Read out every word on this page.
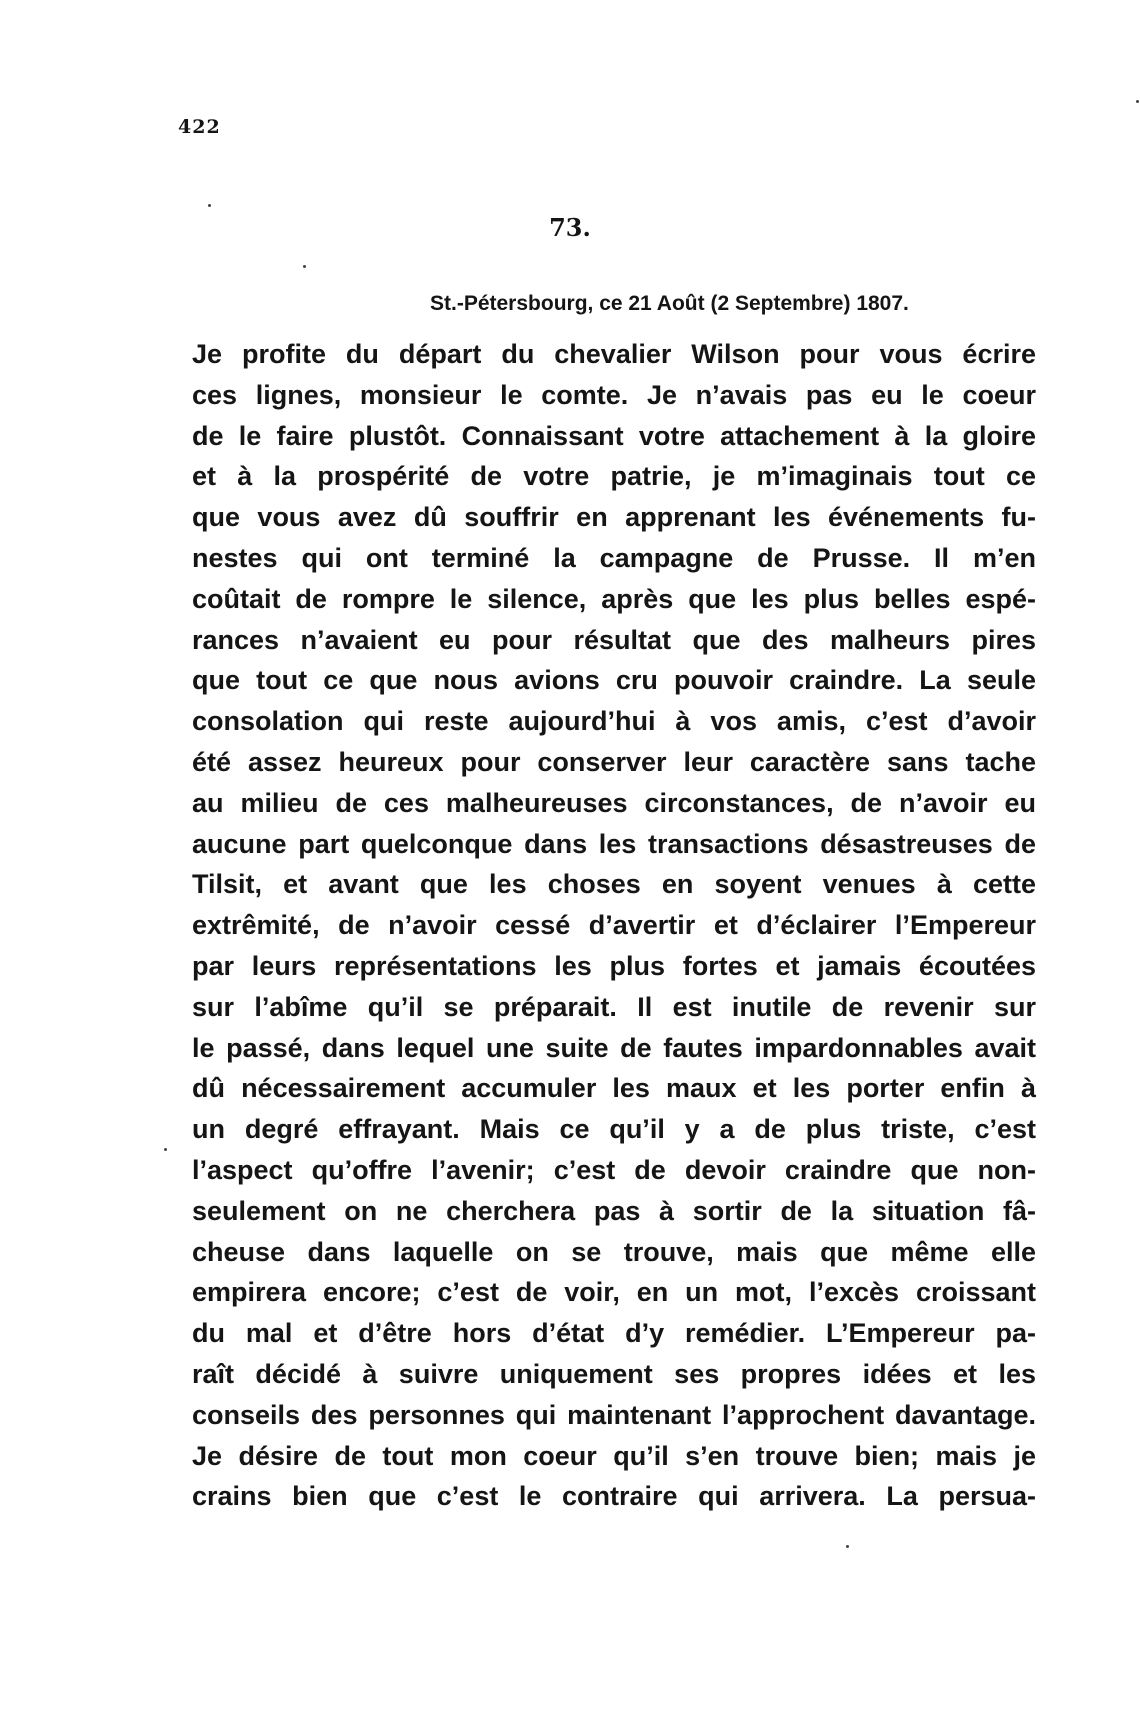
422
73.
St.-Pétersbourg, ce 21 Août (2 Septembre) 1807.
Je profite du départ du chevalier Wilson pour vous écrire
ces lignes, monsieur le comte. Je n’avais pas eu le coeur
de le faire plustôt. Connaissant votre attachement à la gloire
et à la prospérité de votre patrie, je m’imaginais tout ce
que vous avez dû souffrir en apprenant les événements fu-
nestes qui ont terminé la campagne de Prusse. Il m’en
coûtait de rompre le silence, après que les plus belles espé-
rances n’avaient eu pour résultat que des malheurs pires
que tout ce que nous avions cru pouvoir craindre. La seule
consolation qui reste aujourd’hui à vos amis, c’est d’avoir
été assez heureux pour conserver leur caractère sans tache
au milieu de ces malheureuses circonstances, de n’avoir eu
aucune part quelconque dans les transactions désastreuses de
Tilsit, et avant que les choses en soyent venues à cette
extrêmité, de n’avoir cessé d’avertir et d’éclairer l’Empereur
par leurs représentations les plus fortes et jamais écoutées
sur l’abîme qu’il se préparait. Il est inutile de revenir sur
le passé, dans lequel une suite de fautes impardonnables avait
dû nécessairement accumuler les maux et les porter enfin à
un degré effrayant. Mais ce qu’il y a de plus triste, c’est
l’aspect qu’offre l’avenir; c’est de devoir craindre que non-
seulement on ne cherchera pas à sortir de la situation fâ-
cheuse dans laquelle on se trouve, mais que même elle
empirera encore; c’est de voir, en un mot, l’excès croissant
du mal et d’être hors d’état d’y remédier. L’Empereur pa-
raît décidé à suivre uniquement ses propres idées et les
conseils des personnes qui maintenant l’approchent davantage.
Je désire de tout mon coeur qu’il s’en trouve bien; mais je
crains bien que c’est le contraire qui arrivera. La persua-
